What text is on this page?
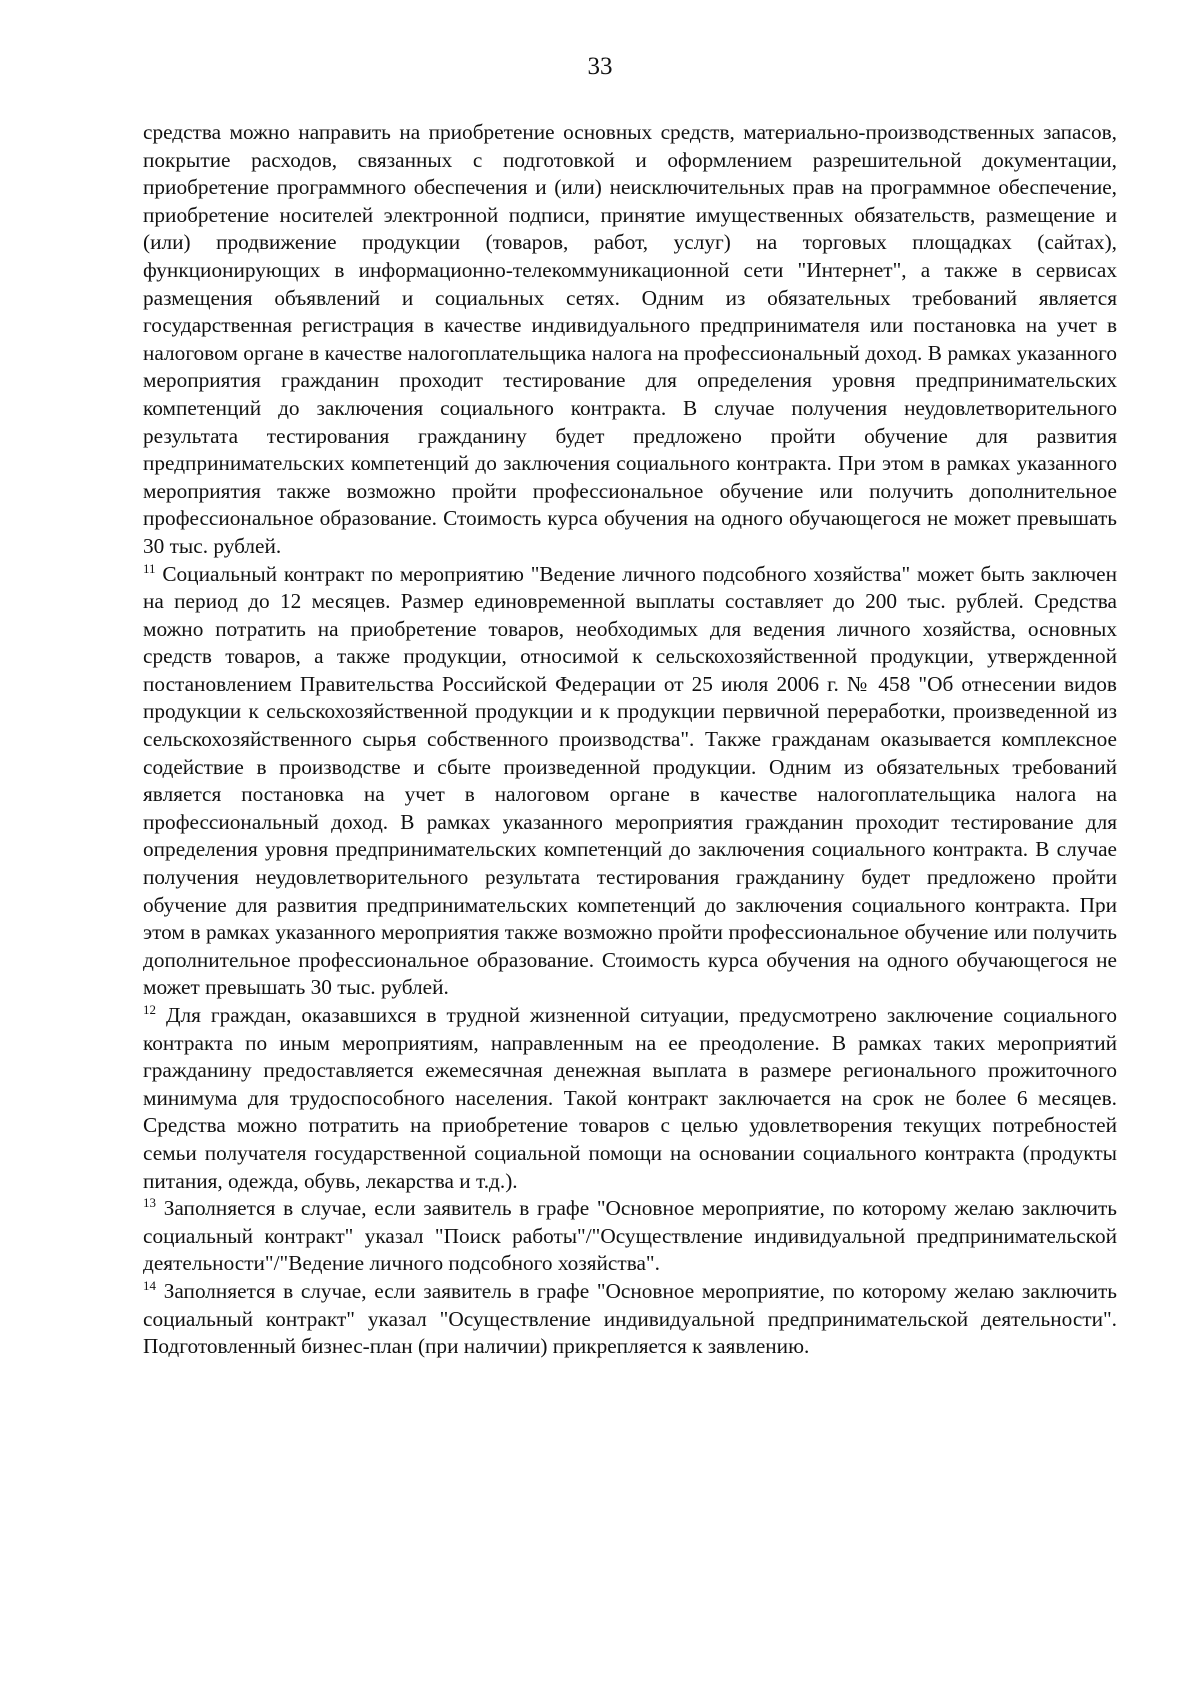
33

средства можно направить на приобретение основных средств, материально-производственных запасов, покрытие расходов, связанных с подготовкой и оформлением разрешительной документации, приобретение программного обеспечения и (или) неисключительных прав на программное обеспечение, приобретение носителей электронной подписи, принятие имущественных обязательств, размещение и (или) продвижение продукции (товаров, работ, услуг) на торговых площадках (сайтах), функционирующих в информационно-телекоммуникационной сети "Интернет", а также в сервисах размещения объявлений и социальных сетях. Одним из обязательных требований является государственная регистрация в качестве индивидуального предпринимателя или постановка на учет в налоговом органе в качестве налогоплательщика налога на профессиональный доход. В рамках указанного мероприятия гражданин проходит тестирование для определения уровня предпринимательских компетенций до заключения социального контракта. В случае получения неудовлетворительного результата тестирования гражданину будет предложено пройти обучение для развития предпринимательских компетенций до заключения социального контракта. При этом в рамках указанного мероприятия также возможно пройти профессиональное обучение или получить дополнительное профессиональное образование. Стоимость курса обучения на одного обучающегося не может превышать 30 тыс. рублей.

$^{11}$ Социальный контракт по мероприятию "Ведение личного подсобного хозяйства" может быть заключен на период до 12 месяцев. Размер единовременной выплаты составляет до 200 тыс. рублей. Средства можно потратить на приобретение товаров, необходимых для ведения личного хозяйства, основных средств товаров, а также продукции, относимой к сельскохозяйственной продукции, утвержденной постановлением Правительства Российской Федерации от 25 июля 2006 г. № 458 "Об отнесении видов продукции к сельскохозяйственной продукции и к продукции первичной переработки, произведенной из сельскохозяйственного сырья собственного производства". Также гражданам оказывается комплексное содействие в производстве и сбыте произведенной продукции. Одним из обязательных требований является постановка на учет в налоговом органе в качестве налогоплательщика налога на профессиональный доход. В рамках указанного мероприятия гражданин проходит тестирование для определения уровня предпринимательских компетенций до заключения социального контракта. В случае получения неудовлетворительного результата тестирования гражданину будет предложено пройти обучение для развития предпринимательских компетенций до заключения социального контракта. При этом в рамках указанного мероприятия также возможно пройти профессиональное обучение или получить дополнительное профессиональное образование. Стоимость курса обучения на одного обучающегося не может превышать 30 тыс. рублей.

$^{12}$ Для граждан, оказавшихся в трудной жизненной ситуации, предусмотрено заключение социального контракта по иным мероприятиям, направленным на ее преодоление. В рамках таких мероприятий гражданину предоставляется ежемесячная денежная выплата в размере регионального прожиточного минимума для трудоспособного населения. Такой контракт заключается на срок не более 6 месяцев. Средства можно потратить на приобретение товаров с целью удовлетворения текущих потребностей семьи получателя государственной социальной помощи на основании социального контракта (продукты питания, одежда, обувь, лекарства и т.д.).

$^{13}$ Заполняется в случае, если заявитель в графе "Основное мероприятие, по которому желаю заключить социальный контракт" указал "Поиск работы"/"Осуществление индивидуальной предпринимательской деятельности"/"Ведение личного подсобного хозяйства".

$^{14}$ Заполняется в случае, если заявитель в графе "Основное мероприятие, по которому желаю заключить социальный контракт" указал "Осуществление индивидуальной предпринимательской деятельности". Подготовленный бизнес-план (при наличии) прикрепляется к заявлению.
